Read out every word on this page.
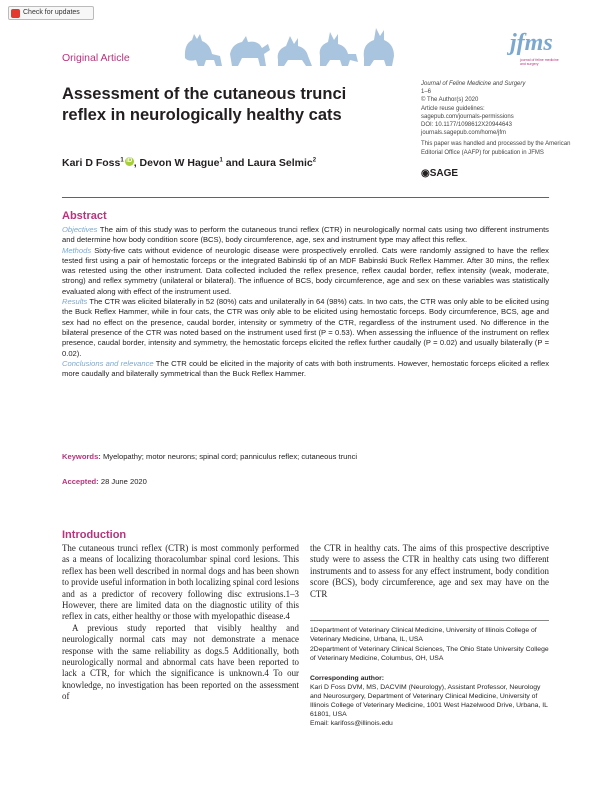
Check for updates
Original Article
jfms
journal of feline medicine and surgery
Assessment of the cutaneous trunci reflex in neurologically healthy cats
Kari D Foss$^1$ iD , Devon W Hague$^1$ and Laura Selmic$^2$
Journal of Feline Medicine and Surgery
1–6
© The Author(s) 2020
Article reuse guidelines:
sagepub.com/journals-permissions
DOI: 10.1177/1098612X20944643
journals.sagepub.com/home/jfm
This paper was handled and processed by the American Editorial Office (AAFP) for publication in JFMS
◉SAGE
Abstract

Objectives The aim of this study was to perform the cutaneous trunci reflex (CTR) in neurologically normal cats using two different instruments and determine how body condition score (BCS), body circumference, age, sex and instrument type may affect this reflex.

Methods Sixty-five cats without evidence of neurologic disease were prospectively enrolled. Cats were randomly assigned to have the reflex tested first using a pair of hemostatic forceps or the integrated Babinski tip of an MDF Babinski Buck Reflex Hammer. After 30 mins, the reflex was retested using the other instrument. Data collected included the reflex presence, reflex caudal border, reflex intensity (weak, moderate, strong) and reflex symmetry (unilateral or bilateral). The influence of BCS, body circumference, age and sex on these variables was statistically evaluated along with effect of the instrument used.

Results The CTR was elicited bilaterally in 52 (80%) cats and unilaterally in 64 (98%) cats. In two cats, the CTR was only able to be elicited using the Buck Reflex Hammer, while in four cats, the CTR was only able to be elicited using hemostatic forceps. Body circumference, BCS, age and sex had no effect on the presence, caudal border, intensity or symmetry of the CTR, regardless of the instrument used. No difference in the bilateral presence of the CTR was noted based on the instrument used first (P = 0.53). When assessing the influence of the instrument on reflex presence, caudal border, intensity and symmetry, the hemostatic forceps elicited the reflex further caudally (P = 0.02) and usually bilaterally (P = 0.02).

Conclusions and relevance The CTR could be elicited in the majority of cats with both instruments. However, hemostatic forceps elicited a reflex more caudally and bilaterally symmetrical than the Buck Reflex Hammer.

Keywords: Myelopathy; motor neurons; spinal cord; panniculus reflex; cutaneous trunci
Accepted: 28 June 2020
Introduction

The cutaneous trunci reflex (CTR) is most commonly performed as a means of localizing thoracolumbar spinal cord lesions. This reflex has been well described in normal dogs and has been shown to provide useful information in both localizing spinal cord lesions and as a predictor of recovery following disc extrusions.1–3 However, there are limited data on the diagnostic utility of this reflex in cats, either healthy or those with myelopathic disease.4

A previous study reported that visibly healthy and neurologically normal cats may not demonstrate a menace response with the same reliability as dogs.5 Additionally, both neurologically normal and abnormal cats have been reported to lack a CTR, for which the significance is unknown.4 To our knowledge, no investigation has been reported on the assessment of

the CTR in healthy cats. The aims of this prospective descriptive study were to assess the CTR in healthy cats using two different instruments and to assess for any effect instrument, body condition score (BCS), body circumference, age and sex may have on the CTR

1Department of Veterinary Clinical Medicine, University of Illinois College of Veterinary Medicine, Urbana, IL, USA
2Department of Veterinary Clinical Sciences, The Ohio State University College of Veterinary Medicine, Columbus, OH, USA
Corresponding author:
Kari D Foss DVM, MS, DACVIM (Neurology), Assistant Professor, Neurology and Neurosurgery, Department of Veterinary Clinical Medicine, University of Illinois College of Veterinary Medicine, 1001 West Hazelwood Drive, Urbana, IL 61801, USA
Email: karifoss@illinois.edu
